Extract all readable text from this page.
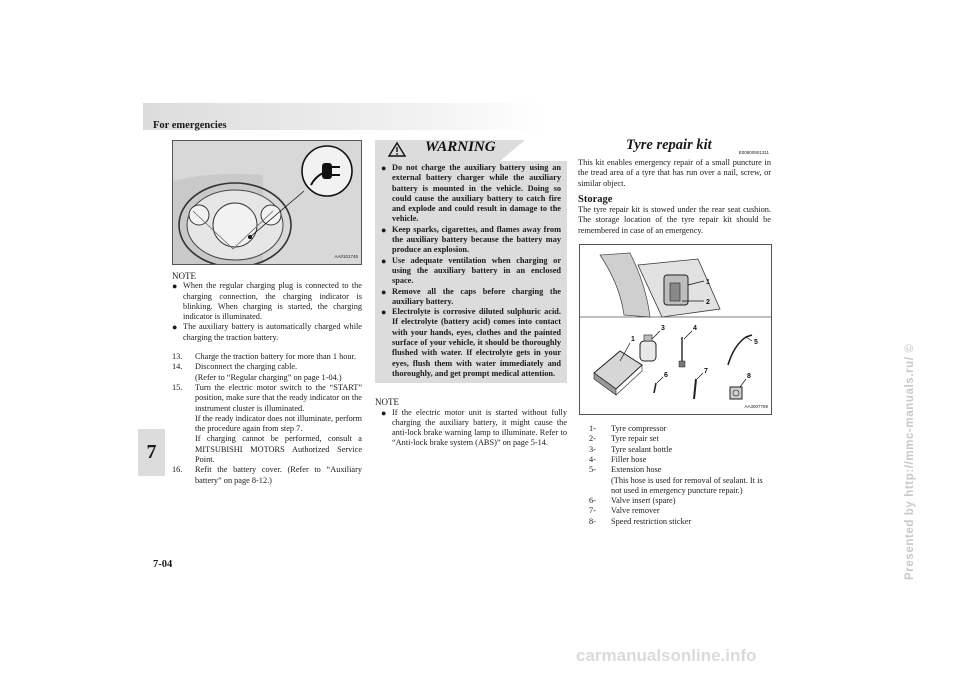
For emergencies
7
7-04	Presented by http://mmc-manuals.ru/ ©
carmanualsonline.info
AA0101745
NOTE
● When the regular charging plug is connected to the charging connection, the charging indicator is blinking. When charging is started, the charging indicator is illuminated.
● The auxiliary battery is automatically charged while charging the traction battery.
13. Charge the traction battery for more than 1 hour.
14. Disconnect the charging cable.
(Refer to “Regular charging” on page 1-04.)
15. Turn the electric motor switch to the “START” position, make sure that the ready indicator on the instrument cluster is illuminated.
If the ready indicator does not illuminate, perform the procedure again from step 7.
If charging cannot be performed, consult a MITSUBISHI MOTORS Authorized Service Point.
16. Refit the battery cover. (Refer to “Auxiliary battery” on page 8-12.)
WARNING
● Do not charge the auxiliary battery using an external battery charger while the auxiliary battery is mounted in the vehicle. Doing so could cause the auxiliary battery to catch fire and explode and could result in damage to the vehicle.
● Keep sparks, cigarettes, and flames away from the auxiliary battery because the battery may produce an explosion.
● Use adequate ventilation when charging or using the auxiliary battery in an enclosed space.
● Remove all the caps before charging the auxiliary battery.
● Electrolyte is corrosive diluted sulphuric acid. If electrolyte (battery acid) comes into contact with your hands, eyes, clothes and the painted surface of your vehicle, it should be thoroughly flushed with water. If electrolyte gets in your eyes, flush them with water immediately and thoroughly, and get prompt medical attention.
NOTE
● If the electric motor unit is started without fully charging the auxiliary battery, it might cause the anti-lock brake warning lamp to illuminate. Refer to “Anti-lock brake system (ABS)” on page 5-14.
Tyre repair kit	E00800901311
This kit enables emergency repair of a small puncture in the tread area of a tyre that has run over a nail, screw, or similar object.
Storage
The tyre repair kit is stowed under the rear seat cushion. The storage location of the tyre repair kit should be remembered in case of an emergency.
1
2
1
3	4
5
6
7
8
AA3007789
1- Tyre compressor
2- Tyre repair set
3- Tyre sealant bottle
4- Filler hose
5- Extension hose
(This hose is used for removal of sealant. It is not used in emergency puncture repair.)
6- Valve insert (spare)
7- Valve remover
8- Speed restriction sticker
